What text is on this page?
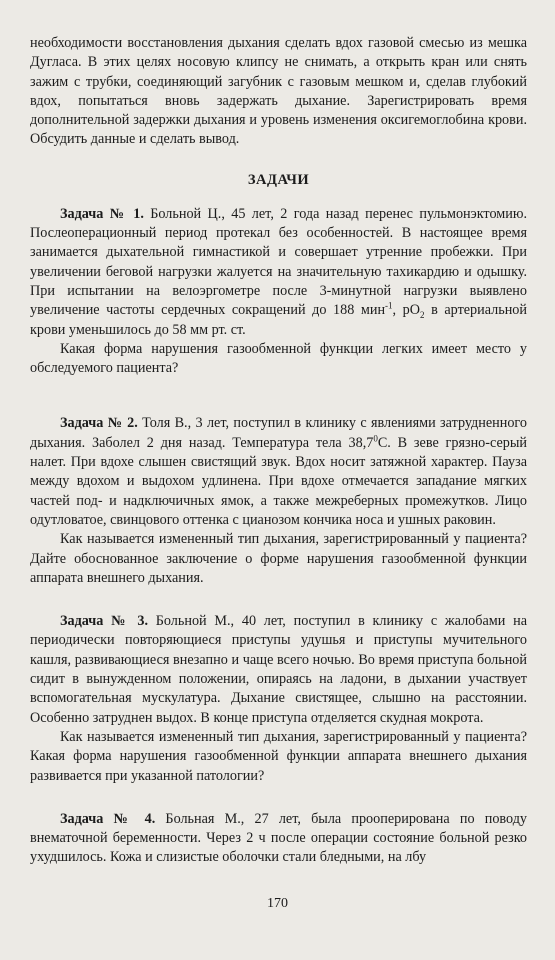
необходимости восстановления дыхания сделать вдох газовой смесью из мешка Дугласа. В этих целях носовую клипсу не снимать, а открыть кран или снять зажим с трубки, соединяющий загубник с газовым мешком и, сделав глубокий вдох, попытаться вновь задержать дыхание. Зарегистрировать время дополнительной задержки дыхания и уровень изменения оксигемоглобина крови. Обсудить данные и сделать вывод.

ЗАДАЧИ

Задача № 1. Больной Ц., 45 лет, 2 года назад перенес пульмонэктомию. Послеоперационный период протекал без особенностей. В настоящее время занимается дыхательной гимнастикой и совершает утренние пробежки. При увеличении беговой нагрузки жалуется на значительную тахикардию и одышку. При испытании на велоэргометре после 3-минутной нагрузки выявлено увеличение частоты сердечных сокращений до 188 мин$^{-1}$, $pO_2$ в артериальной крови уменьшилось до 58 мм рт. ст.

Какая форма нарушения газообменной функции легких имеет место у обследуемого пациента?

Задача № 2. Толя В., 3 лет, поступил в клинику с явлениями затрудненного дыхания. Заболел 2 дня назад. Температура тела 38,7$^0$С. В зеве грязно-серый налет. При вдохе слышен свистящий звук. Вдох носит затяжной характер. Пауза между вдохом и выдохом удлинена. При вдохе отмечается западание мягких частей под- и надключичных ямок, а также межреберных промежутков. Лицо одутловатое, свинцового оттенка с цианозом кончика носа и ушных раковин.

Как называется измененный тип дыхания, зарегистрированный у пациента? Дайте обоснованное заключение о форме нарушения газообменной функции аппарата внешнего дыхания.

Задача № 3. Больной М., 40 лет, поступил в клинику с жалобами на периодически повторяющиеся приступы удушья и приступы мучительного кашля, развивающиеся внезапно и чаще всего ночью. Во время приступа больной сидит в вынужденном положении, опираясь на ладони, в дыхании участвует вспомогательная мускулатура. Дыхание свистящее, слышно на расстоянии. Особенно затруднен выдох. В конце приступа отделяется скудная мокрота.

Как называется измененный тип дыхания, зарегистрированный у пациента? Какая форма нарушения газообменной функции аппарата внешнего дыхания развивается при указанной патологии?

Задача № 4. Больная М., 27 лет, была прооперирована по поводу внематочной беременности. Через 2 ч после операции состояние больной резко ухудшилось. Кожа и слизистые оболочки стали бледными, на лбу

170
